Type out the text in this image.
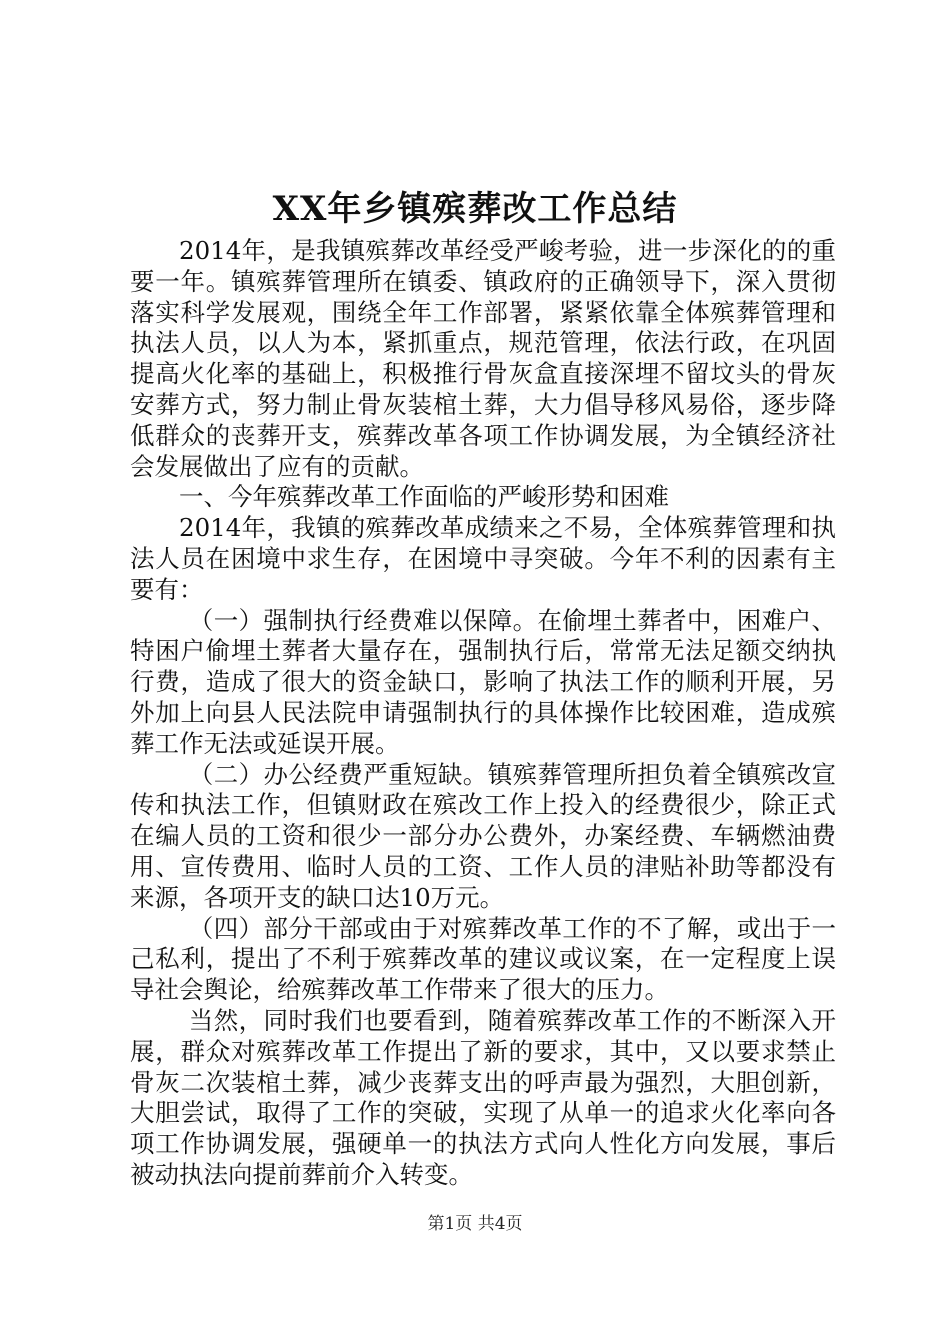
XX年乡镇殡葬改工作总结

2014年，是我镇殡葬改革经受严峻考验，进一步深化的的重要一年。镇殡葬管理所在镇委、镇政府的正确领导下，深入贯彻落实科学发展观，围绕全年工作部署，紧紧依靠全体殡葬管理和执法人员，以人为本，紧抓重点，规范管理，依法行政，在巩固提高火化率的基础上，积极推行骨灰盒直接深埋不留坟头的骨灰安葬方式，努力制止骨灰装棺土葬，大力倡导移风易俗，逐步降低群众的丧葬开支，殡葬改革各项工作协调发展，为全镇经济社会发展做出了应有的贡献。

一、今年殡葬改革工作面临的严峻形势和困难

2014年，我镇的殡葬改革成绩来之不易，全体殡葬管理和执法人员在困境中求生存，在困境中寻突破。今年不利的因素有主要有：

（一）强制执行经费难以保障。在偷埋土葬者中，困难户、特困户偷埋土葬者大量存在，强制执行后，常常无法足额交纳执行费，造成了很大的资金缺口，影响了执法工作的顺利开展，另外加上向县人民法院申请强制执行的具体操作比较困难，造成殡葬工作无法或延误开展。

（二）办公经费严重短缺。镇殡葬管理所担负着全镇殡改宣传和执法工作，但镇财政在殡改工作上投入的经费很少，除正式在编人员的工资和很少一部分办公费外，办案经费、车辆燃油费用、宣传费用、临时人员的工资、工作人员的津贴补助等都没有来源，各项开支的缺口达10万元。

（四）部分干部或由于对殡葬改革工作的不了解，或出于一己私利，提出了不利于殡葬改革的建议或议案，在一定程度上误导社会舆论，给殡葬改革工作带来了很大的压力。

当然，同时我们也要看到，随着殡葬改革工作的不断深入开展，群众对殡葬改革工作提出了新的要求，其中，又以要求禁止骨灰二次装棺土葬，减少丧葬支出的呼声最为强烈，大胆创新，大胆尝试，取得了工作的突破，实现了从单一的追求火化率向各项工作协调发展，强硬单一的执法方式向人性化方向发展，事后被动执法向提前葬前介入转变。

第1页 共4页
